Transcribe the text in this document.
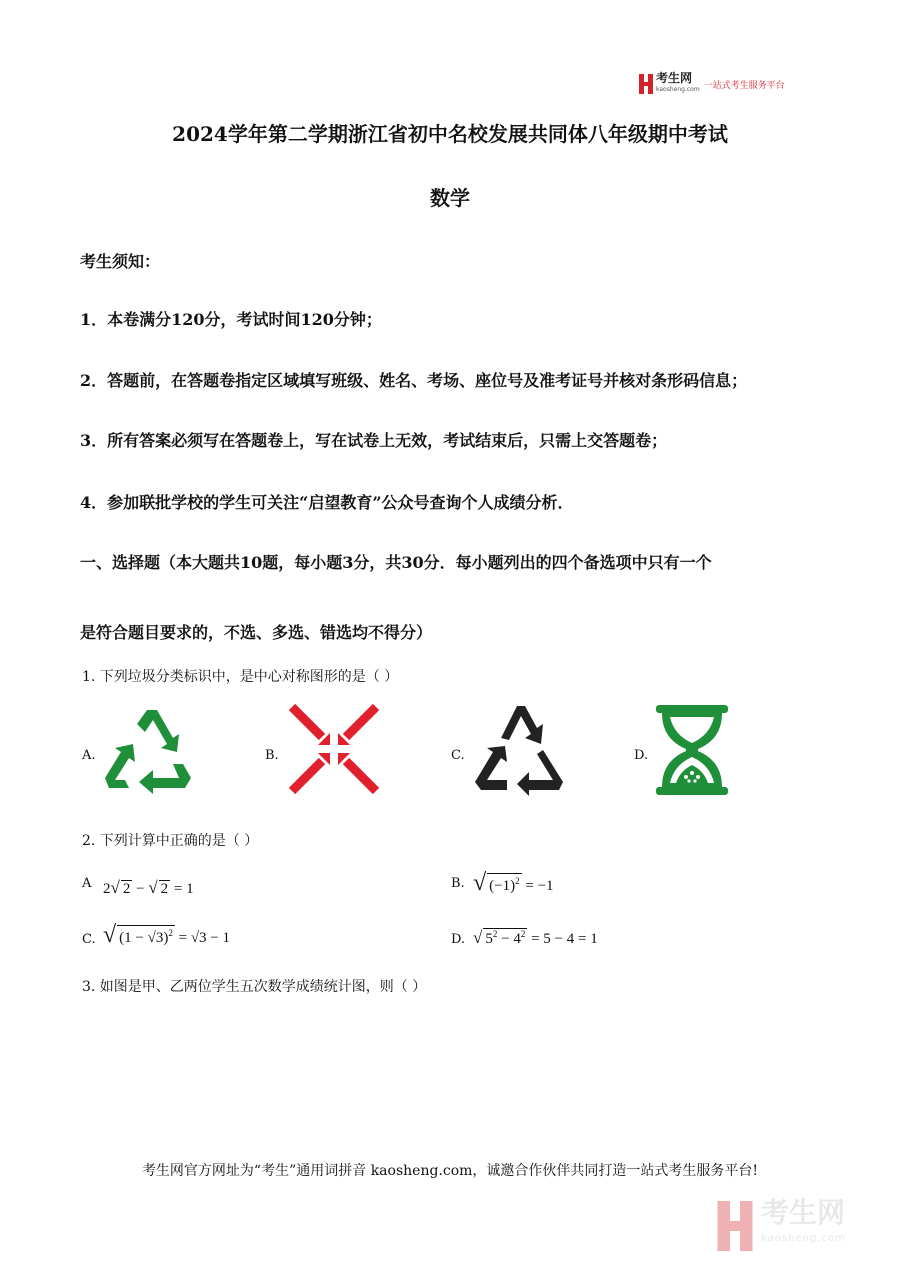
考生网
kaosheng.com 一站式考生服务平台
2024学年第二学期浙江省初中名校发展共同体八年级期中考试
数学
考生须知：
1．本卷满分120分，考试时间120分钟；
2．答题前，在答题卷指定区域填写班级、姓名、考场、座位号及准考证号并核对条形码信息；
3．所有答案必须写在答题卷上，写在试卷上无效，考试结束后，只需上交答题卷；
4．参加联批学校的学生可关注“启望教育”公众号查询个人成绩分析．
一、选择题（本大题共10题，每小题3分，共30分．每小题列出的四个备选项中只有一个
是符合题目要求的，不选、多选、错选均不得分）
1. 下列垃圾分类标识中，是中心对称图形的是（ ）
A.	B.	C.	D.
2. 下列计算中正确的是（ ）
A 2√ 2 − √ 2 = 1	B. √ $(-1)^2 = -1$
C. √ $(1 - √3)^2 = √3 - 1$	D. √ $5^2 - 4^2 = 5 - 4 = 1$
3. 如图是甲、乙两位学生五次数学成绩统计图，则（ ）
考生网官方网址为“考生”通用词拼音 kaosheng.com，诚邀合作伙伴共同打造一站式考生服务平台!
考生网
kaosheng.com
